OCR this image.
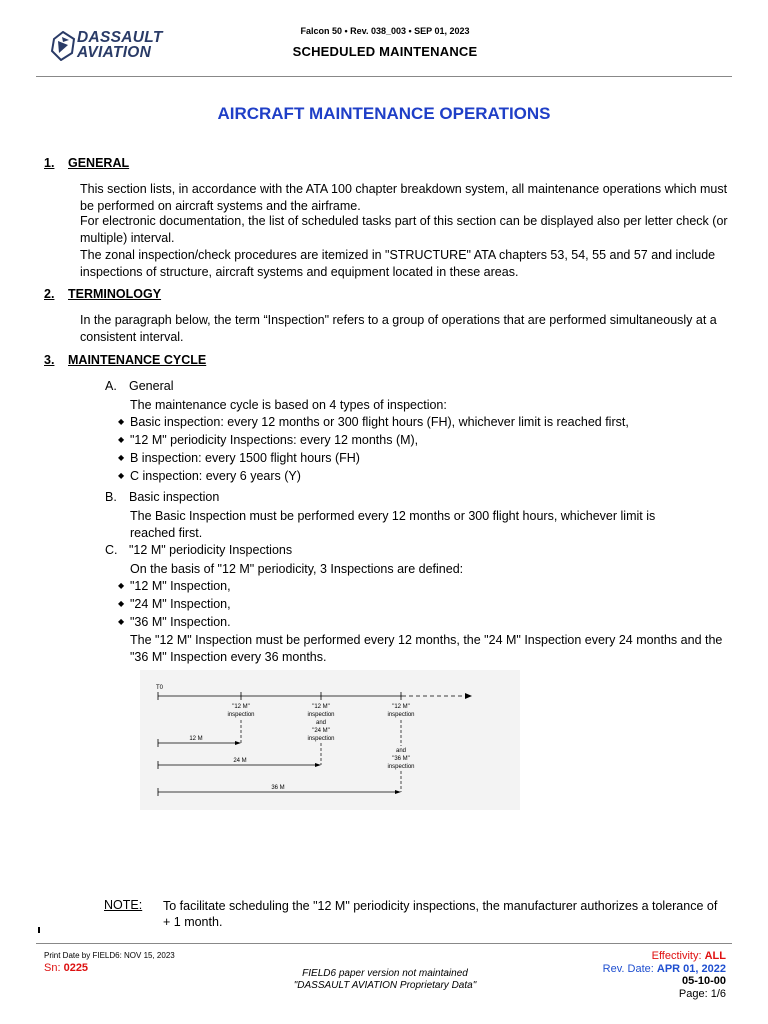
DASSAULT
AVIATION
Falcon 50 • Rev. 038_003 • SEP 01, 2023
SCHEDULED MAINTENANCE
AIRCRAFT MAINTENANCE OPERATIONS
1. GENERAL
This section lists, in accordance with the ATA 100 chapter breakdown system, all maintenance operations which must be performed on aircraft systems and the airframe.
For electronic documentation, the list of scheduled tasks part of this section can be displayed also per letter check (or multiple) interval.
The zonal inspection/check procedures are itemized in "STRUCTURE" ATA chapters 53, 54, 55 and 57 and include inspections of structure, aircraft systems and equipment located in these areas.
2. TERMINOLOGY
In the paragraph below, the term “Inspection" refers to a group of operations that are performed simultaneously at a consistent interval.
3. MAINTENANCE CYCLE
A. General
The maintenance cycle is based on 4 types of inspection:
◆ Basic inspection: every 12 months or 300 flight hours (FH), whichever limit is reached first,
◆ "12 M" periodicity Inspections: every 12 months (M),
◆ B inspection: every 1500 flight hours (FH)
◆ C inspection: every 6 years (Y)
B. Basic inspection
The Basic Inspection must be performed every 12 months or 300 flight hours, whichever limit is reached first.
C. "12 M" periodicity Inspections
On the basis of "12 M" periodicity, 3 Inspections are defined:
◆ "12 M" Inspection,
◆ "24 M" Inspection,
◆ "36 M" Inspection.
The "12 M" Inspection must be performed every 12 months, the "24 M" Inspection every 24 months and the "36 M" Inspection every 36 months.
T0
"12 M"
inspection
"12 M"
inspection
and
"24 M"
inspection
"12 M"
inspection
and
"36 M"
inspection
12 M
24 M
36 M
NOTE: To facilitate scheduling the "12 M" periodicity inspections, the manufacturer authorizes a tolerance of + 1 month.
Print Date by FIELD6: NOV 15, 2023
Sn: 0225	FIELD6 paper version not maintained
"DASSAULT AVIATION Proprietary Data"
Effectivity: ALL
Rev. Date: APR 01, 2022
05-10-00
Page: 1/6
